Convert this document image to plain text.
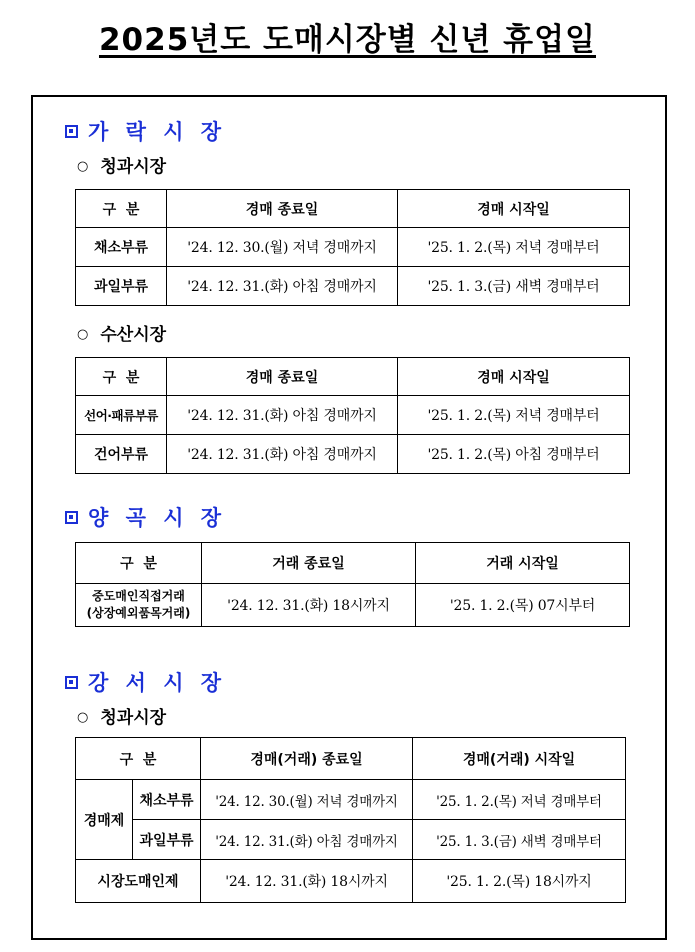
2025년도 도매시장별 신년 휴업일
가 락 시 장
○ 청과시장
구  분	경매 종료일	경매 시작일
채소부류	'24. 12. 30.(월) 저녁 경매까지	'25. 1. 2.(목) 저녁 경매부터
과일부류	'24. 12. 31.(화) 아침 경매까지	'25. 1. 3.(금) 새벽 경매부터
○ 수산시장
구  분	경매 종료일	경매 시작일
선어·패류부류	'24. 12. 31.(화) 아침 경매까지	'25. 1. 2.(목) 저녁 경매부터
건어부류	'24. 12. 31.(화) 아침 경매까지	'25. 1. 2.(목) 아침 경매부터
양 곡 시 장
구  분	거래 종료일	거래 시작일

중도매인직접거래
(상장예외품목거래)	'24. 12. 31.(화) 18시까지	'25. 1. 2.(목) 07시부터
강 서 시 장
○ 청과시장
구  분		경매(거래) 종료일	경매(거래) 시작일
경매제	채소부류	'24. 12. 30.(월) 저녁 경매까지	'25. 1. 2.(목) 저녁 경매부터
	과일부류	'24. 12. 31.(화) 아침 경매까지	'25. 1. 3.(금) 새벽 경매부터
시장도매인제		'24. 12. 31.(화) 18시까지	'25. 1. 2.(목) 18시까지
